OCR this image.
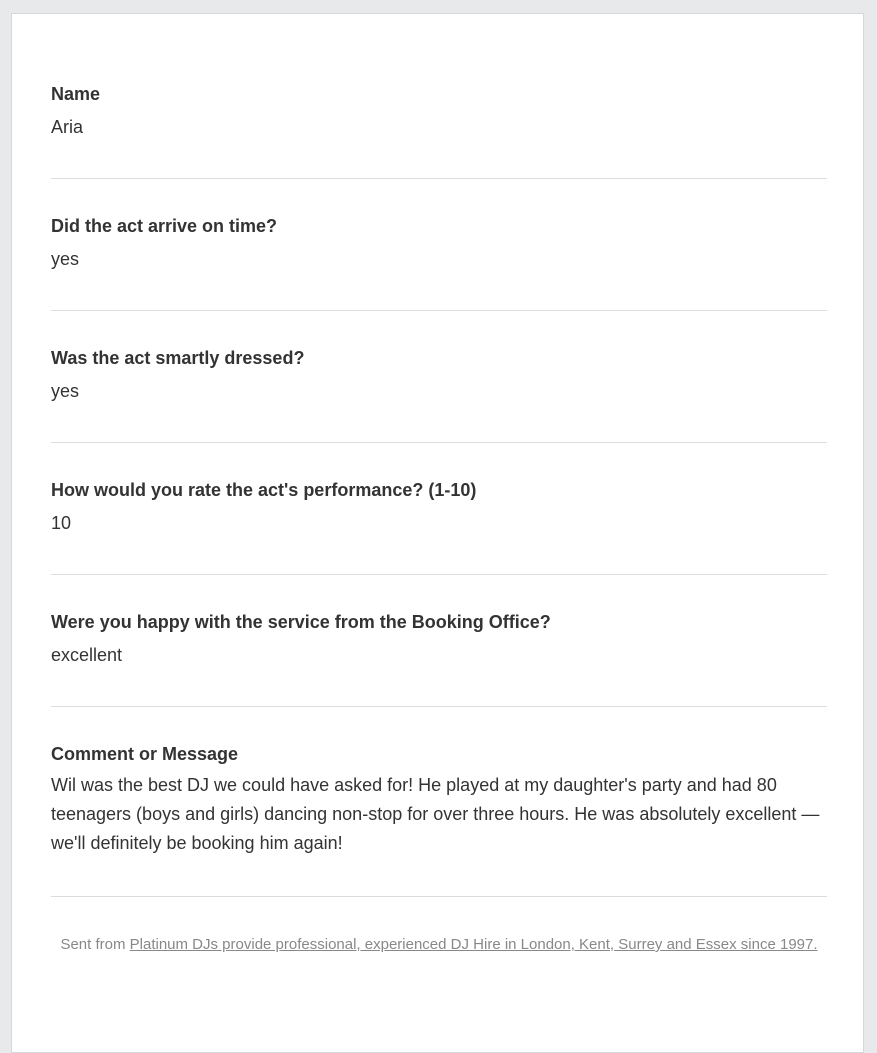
Name
Aria
Did the act arrive on time?
yes
Was the act smartly dressed?
yes
How would you rate the act's performance? (1-10)
10
Were you happy with the service from the Booking Office?
excellent
Comment or Message
Wil was the best DJ we could have asked for! He played at my daughter's party and had 80 teenagers (boys and girls) dancing non-stop for over three hours. He was absolutely excellent — we'll definitely be booking him again!
Sent from Platinum DJs provide professional, experienced DJ Hire in London, Kent, Surrey and Essex since 1997.
